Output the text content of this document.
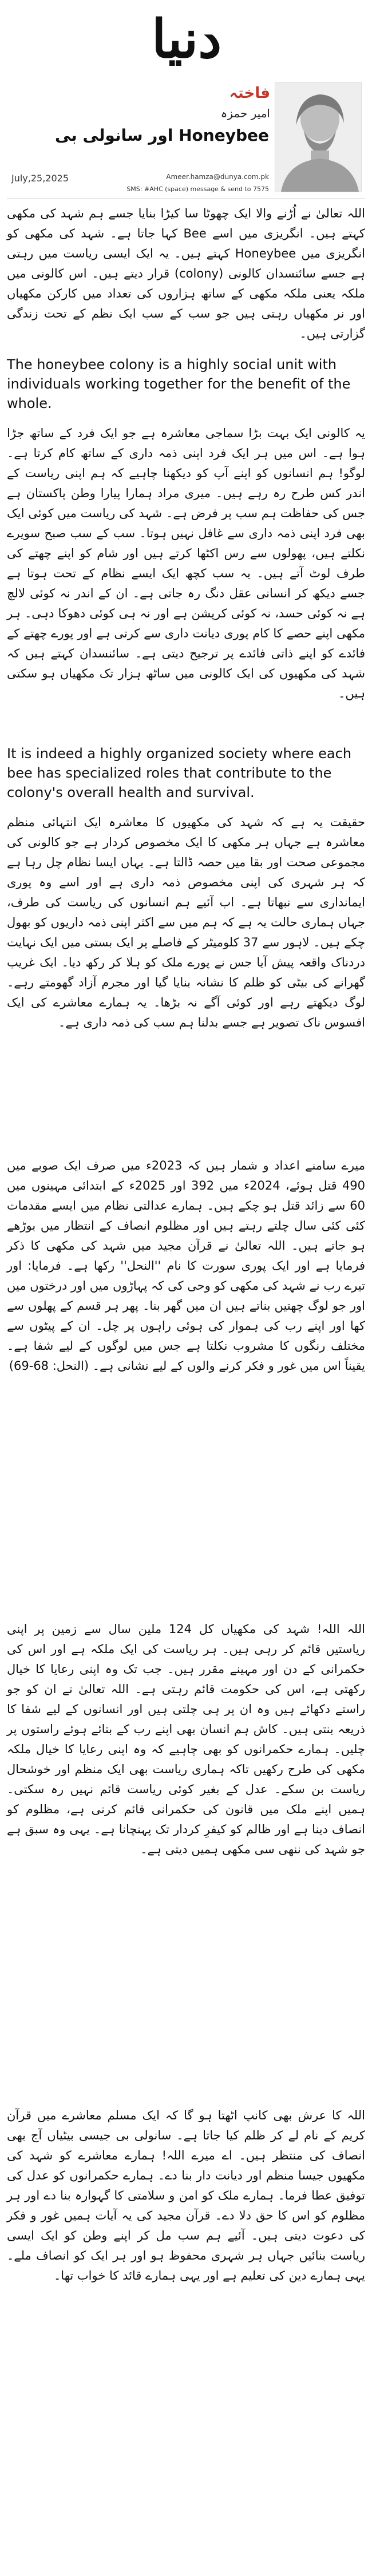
دنیا
فاختہ
امیر حمزہ
Honeybee اور سانولی بی
July,25,2025	Ameer.hamza@dunya.com.pk
SMS: #AHC (space) message & send to 7575
اللہ تعالیٰ نے اُڑنے والا ایک چھوٹا سا کیڑا بنایا جسے ہم شہد کی مکھی کہتے ہیں۔ انگریزی میں اسے Bee کہا جاتا ہے۔ شہد کی مکھی کو انگریزی میں Honeybee کہتے ہیں۔ یہ ایک ایسی ریاست میں رہتی ہے جسے سائنسدان کالونی (colony) قرار دیتے ہیں۔ اس کالونی میں ملکہ یعنی ملکہ مکھی کے ساتھ ہزاروں کی تعداد میں کارکن مکھیاں اور نر مکھیاں رہتی ہیں جو سب کے سب ایک نظم کے تحت زندگی گزارتی ہیں۔
The honeybee colony is a highly social unit with individuals working together for the benefit of the whole.
یہ کالونی ایک بہت بڑا سماجی معاشرہ ہے جو ایک فرد کے ساتھ جڑا ہوا ہے۔ اس میں ہر ایک فرد اپنی ذمہ داری کے ساتھ کام کرتا ہے۔ لوگو! ہم انسانوں کو اپنے آپ کو دیکھنا چاہیے کہ ہم اپنی ریاست کے اندر کس طرح رہ رہے ہیں۔ میری مراد ہمارا پیارا وطن پاکستان ہے جس کی حفاظت ہم سب پر فرض ہے۔ شہد کی ریاست میں کوئی ایک بھی فرد اپنی ذمہ داری سے غافل نہیں ہوتا۔ سب کے سب صبح سویرے نکلتے ہیں، پھولوں سے رس اکٹھا کرتے ہیں اور شام کو اپنے چھتے کی طرف لوٹ آتے ہیں۔ یہ سب کچھ ایک ایسے نظام کے تحت ہوتا ہے جسے دیکھ کر انسانی عقل دنگ رہ جاتی ہے۔ ان کے اندر نہ کوئی لالچ ہے نہ کوئی حسد، نہ کوئی کرپشن ہے اور نہ ہی کوئی دھوکا دہی۔ ہر مکھی اپنے حصے کا کام پوری دیانت داری سے کرتی ہے اور پورے چھتے کے فائدے کو اپنے ذاتی فائدے پر ترجیح دیتی ہے۔ سائنسدان کہتے ہیں کہ شہد کی مکھیوں کی ایک کالونی میں ساٹھ ہزار تک مکھیاں ہو سکتی ہیں۔
It is indeed a highly organized society where each bee has specialized roles that contribute to the colony's overall health and survival.
حقیقت یہ ہے کہ شہد کی مکھیوں کا معاشرہ ایک انتہائی منظم معاشرہ ہے جہاں ہر مکھی کا ایک مخصوص کردار ہے جو کالونی کی مجموعی صحت اور بقا میں حصہ ڈالتا ہے۔ یہاں ایسا نظام چل رہا ہے کہ ہر شہری کی اپنی مخصوص ذمہ داری ہے اور اسے وہ پوری ایمانداری سے نبھاتا ہے۔ اب آئیے ہم انسانوں کی ریاست کی طرف، جہاں ہماری حالت یہ ہے کہ ہم میں سے اکثر اپنی ذمہ داریوں کو بھول چکے ہیں۔ لاہور سے 37 کلومیٹر کے فاصلے پر ایک بستی میں ایک نہایت دردناک واقعہ پیش آیا جس نے پورے ملک کو ہلا کر رکھ دیا۔ ایک غریب گھرانے کی بیٹی کو ظلم کا نشانہ بنایا گیا اور مجرم آزاد گھومتے رہے۔ لوگ دیکھتے رہے اور کوئی آگے نہ بڑھا۔ یہ ہمارے معاشرے کی ایک افسوس ناک تصویر ہے جسے بدلنا ہم سب کی ذمہ داری ہے۔
میرے سامنے اعداد و شمار ہیں کہ 2023ء میں صرف ایک صوبے میں 490 قتل ہوئے، 2024ء میں 392 اور 2025ء کے ابتدائی مہینوں میں 60 سے زائد قتل ہو چکے ہیں۔ ہمارے عدالتی نظام میں ایسے مقدمات کئی کئی سال چلتے رہتے ہیں اور مظلوم انصاف کے انتظار میں بوڑھے ہو جاتے ہیں۔ اللہ تعالیٰ نے قرآن مجید میں شہد کی مکھی کا ذکر فرمایا ہے اور ایک پوری سورت کا نام ''النحل'' رکھا ہے۔ فرمایا: اور تیرے رب نے شہد کی مکھی کو وحی کی کہ پہاڑوں میں اور درختوں میں اور جو لوگ چھتیں بناتے ہیں ان میں گھر بنا۔ پھر ہر قسم کے پھلوں سے کھا اور اپنے رب کی ہموار کی ہوئی راہوں پر چل۔ ان کے پیٹوں سے مختلف رنگوں کا مشروب نکلتا ہے جس میں لوگوں کے لیے شفا ہے۔ یقیناً اس میں غور و فکر کرنے والوں کے لیے نشانی ہے۔ (النحل: 68-69)
اللہ اللہ! شہد کی مکھیاں کل 124 ملین سال سے زمین پر اپنی ریاستیں قائم کر رہی ہیں۔ ہر ریاست کی ایک ملکہ ہے اور اس کی حکمرانی کے دن اور مہینے مقرر ہیں۔ جب تک وہ اپنی رعایا کا خیال رکھتی ہے، اس کی حکومت قائم رہتی ہے۔ اللہ تعالیٰ نے ان کو جو راستے دکھائے ہیں وہ ان پر ہی چلتی ہیں اور انسانوں کے لیے شفا کا ذریعہ بنتی ہیں۔ کاش ہم انسان بھی اپنے رب کے بتائے ہوئے راستوں پر چلیں۔ ہمارے حکمرانوں کو بھی چاہیے کہ وہ اپنی رعایا کا خیال ملکہ مکھی کی طرح رکھیں تاکہ ہماری ریاست بھی ایک منظم اور خوشحال ریاست بن سکے۔ عدل کے بغیر کوئی ریاست قائم نہیں رہ سکتی۔ ہمیں اپنے ملک میں قانون کی حکمرانی قائم کرنی ہے، مظلوم کو انصاف دینا ہے اور ظالم کو کیفرِ کردار تک پہنچانا ہے۔ یہی وہ سبق ہے جو شہد کی ننھی سی مکھی ہمیں دیتی ہے۔
اللہ کا عرش بھی کانپ اٹھتا ہو گا کہ ایک مسلم معاشرے میں قرآن کریم کے نام لے کر ظلم کیا جاتا ہے۔ سانولی بی جیسی بیٹیاں آج بھی انصاف کی منتظر ہیں۔ اے میرے اللہ! ہمارے معاشرے کو شہد کی مکھیوں جیسا منظم اور دیانت دار بنا دے۔ ہمارے حکمرانوں کو عدل کی توفیق عطا فرما۔ ہمارے ملک کو امن و سلامتی کا گہوارہ بنا دے اور ہر مظلوم کو اس کا حق دلا دے۔ قرآن مجید کی یہ آیات ہمیں غور و فکر کی دعوت دیتی ہیں۔ آئیے ہم سب مل کر اپنے وطن کو ایک ایسی ریاست بنائیں جہاں ہر شہری محفوظ ہو اور ہر ایک کو انصاف ملے۔ یہی ہمارے دین کی تعلیم ہے اور یہی ہمارے قائد کا خواب تھا۔
